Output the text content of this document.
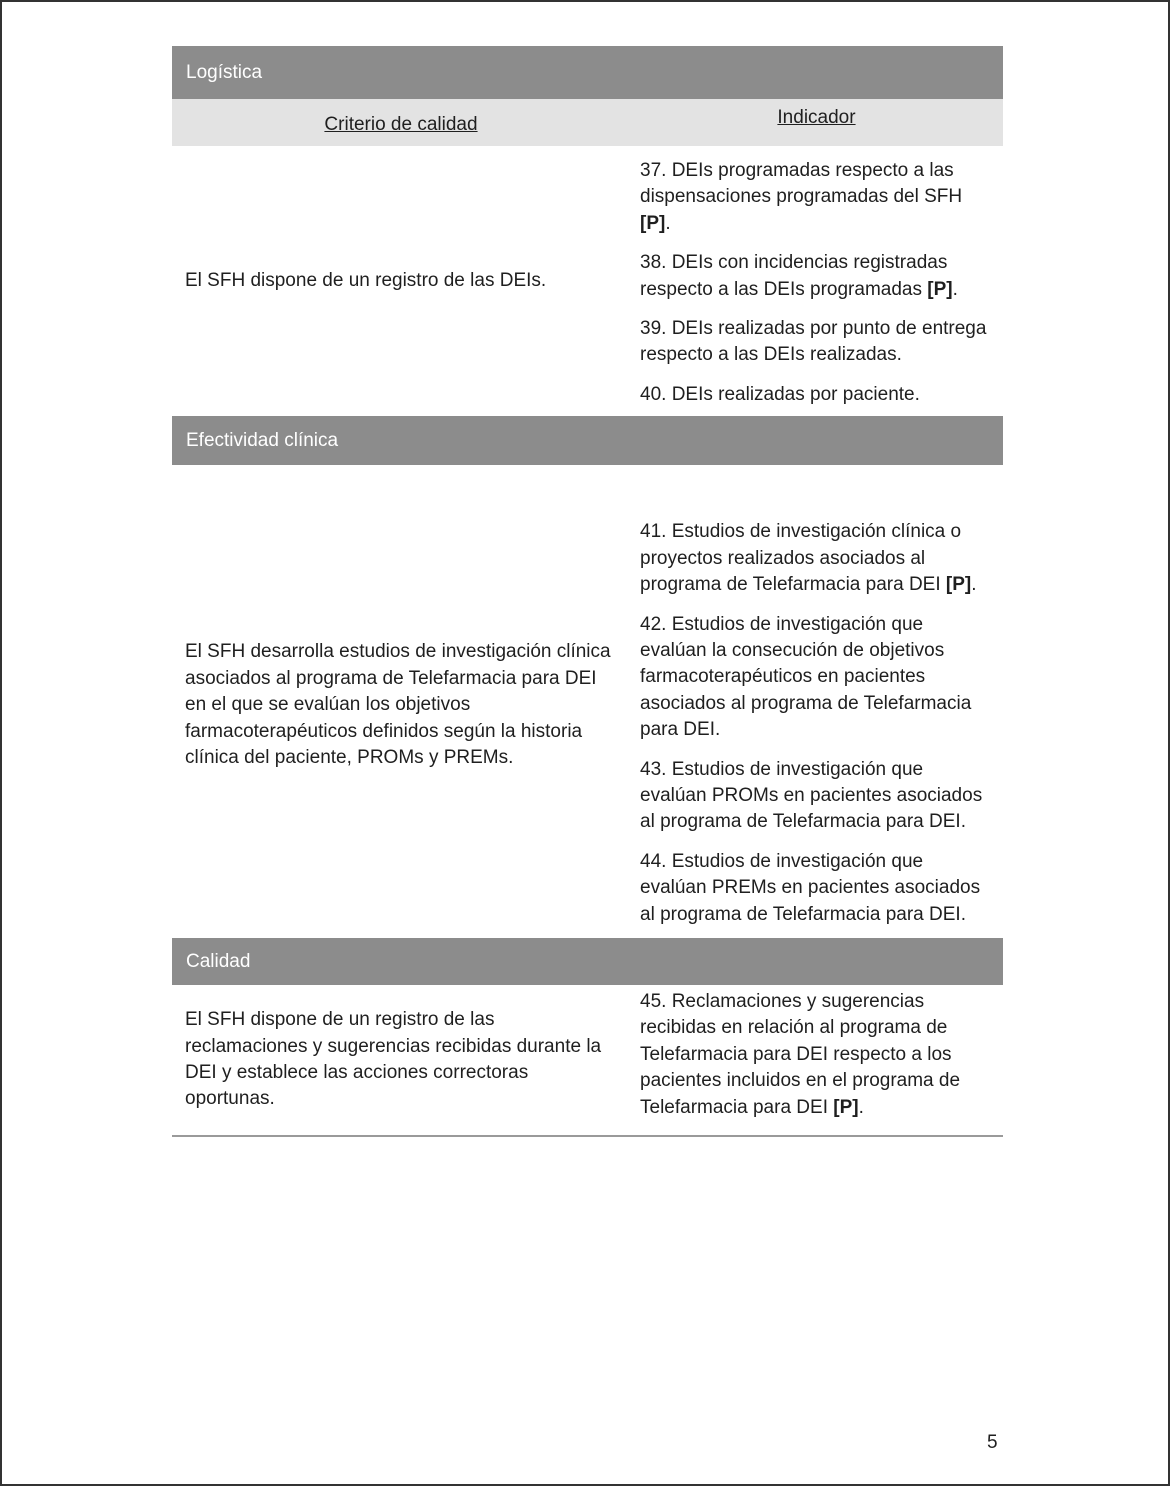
Logística
Criterio de calidad	Indicador
El SFH dispone de un registro de las DEIs.

37. DEIs programadas respecto a las dispensaciones programadas del SFH [P].

38. DEIs con incidencias registradas respecto a las DEIs programadas [P].

39. DEIs realizadas por punto de entrega respecto a las DEIs realizadas.

40. DEIs realizadas por paciente.

Efectividad clínica
El SFH desarrolla estudios de investigación clínica asociados al programa de Telefarmacia para DEI en el que se evalúan los objetivos farmacoterapéuticos definidos según la historia clínica del paciente, PROMs y PREMs.

41. Estudios de investigación clínica o proyectos realizados asociados al programa de Telefarmacia para DEI [P].

42. Estudios de investigación que evalúan la consecución de objetivos farmacoterapéuticos en pacientes asociados al programa de Telefarmacia para DEI.

43. Estudios de investigación que evalúan PROMs en pacientes asociados al programa de Telefarmacia para DEI.

44. Estudios de investigación que evalúan PREMs en pacientes asociados al programa de Telefarmacia para DEI.

Calidad
El SFH dispone de un registro de las reclamaciones y sugerencias recibidas durante la DEI y establece las acciones correctoras oportunas.

45. Reclamaciones y sugerencias recibidas en relación al programa de Telefarmacia para DEI respecto a los pacientes incluidos en el programa de Telefarmacia para DEI [P].

5
